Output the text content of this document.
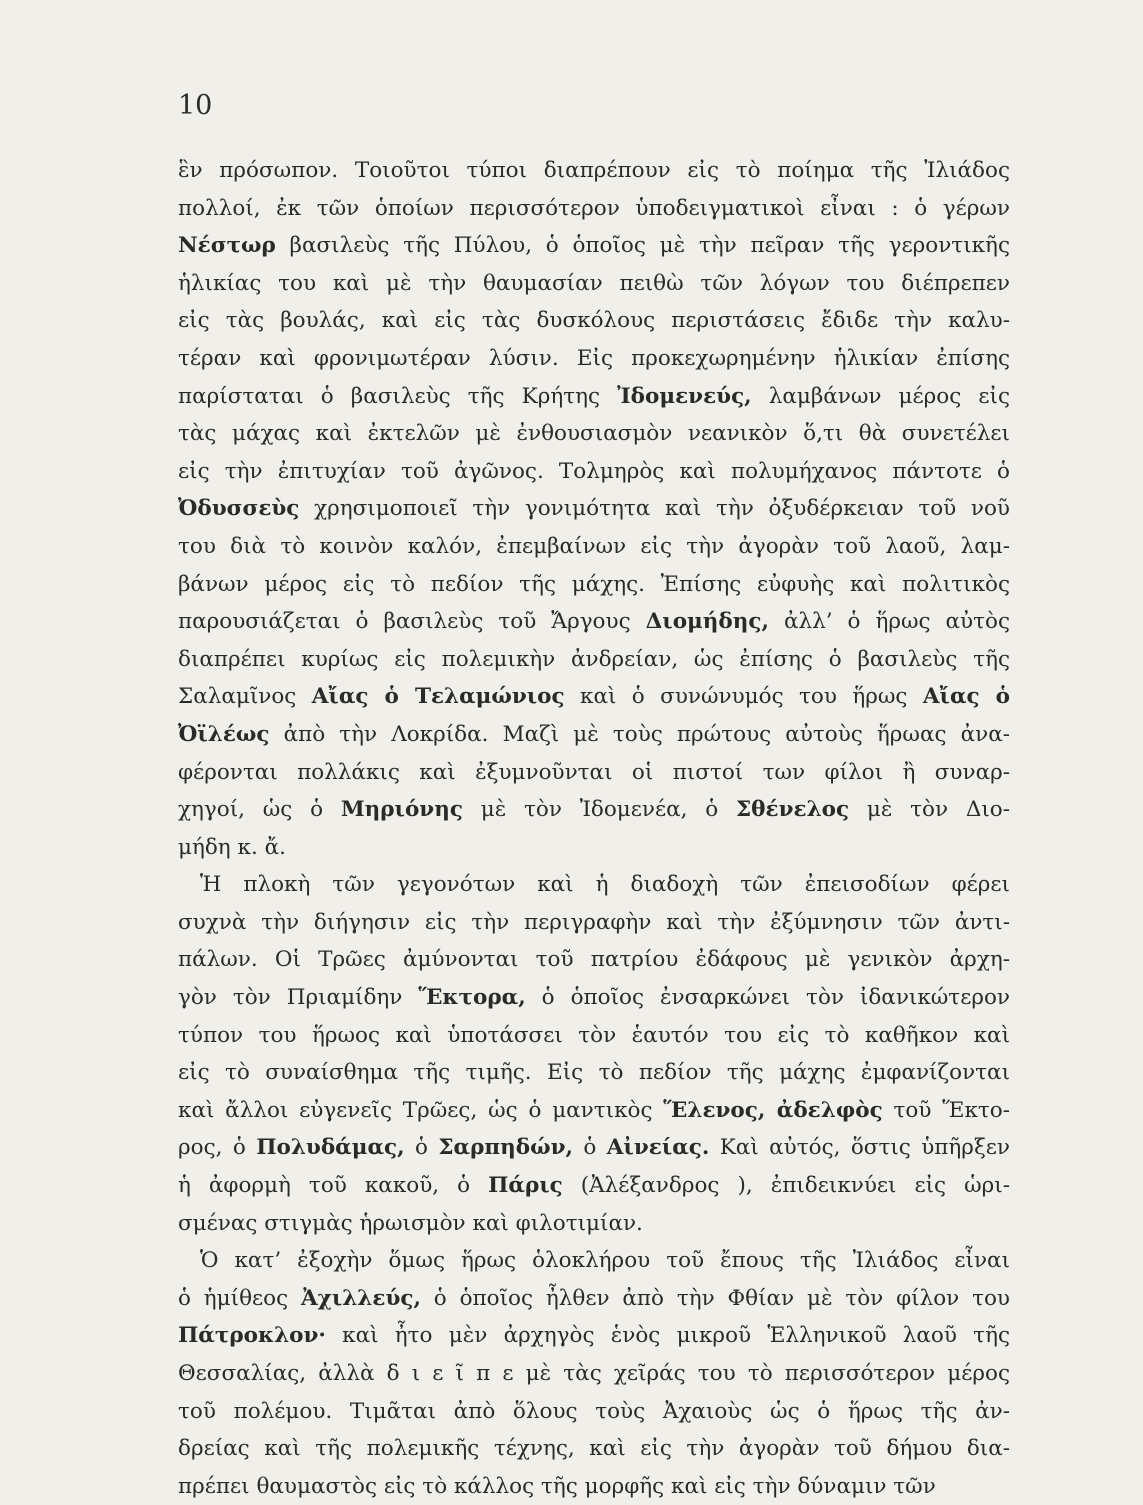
10
ἓν πρόσωπον. Τοιοῦτοι τύποι διαπρέπουν εἰς τὸ ποίημα τῆς Ἰλιάδος
πολλοί, ἐκ τῶν ὁποίων περισσότερον ὑποδειγματικοὶ εἶναι : ὁ γέρων
Νέστωρ βασιλεὺς τῆς Πύλου, ὁ ὁποῖος μὲ τὴν πεῖραν τῆς γεροντικῆς
ἡλικίας του καὶ μὲ τὴν θαυμασίαν πειθὼ τῶν λόγων του διέπρεπεν
εἰς τὰς βουλάς, καὶ εἰς τὰς δυσκόλους περιστάσεις ἔδιδε τὴν καλυ-
τέραν καὶ φρονιμωτέραν λύσιν. Εἰς προκεχωρημένην ἡλικίαν ἐπίσης
παρίσταται ὁ βασιλεὺς τῆς Κρήτης Ἰδομενεύς, λαμβάνων μέρος εἰς
τὰς μάχας καὶ ἐκτελῶν μὲ ἐνθουσιασμὸν νεανικὸν ὅ,τι θὰ συνετέλει
εἰς τὴν ἐπιτυχίαν τοῦ ἀγῶνος. Τολμηρὸς καὶ πολυμήχανος πάντοτε ὁ
Ὀδυσσεὺς χρησιμοποιεῖ τὴν γονιμότητα καὶ τὴν ὀξυδέρκειαν τοῦ νοῦ
του διὰ τὸ κοινὸν καλόν, ἐπεμβαίνων εἰς τὴν ἀγορὰν τοῦ λαοῦ, λαμ-
βάνων μέρος εἰς τὸ πεδίον τῆς μάχης. Ἐπίσης εὐφυὴς καὶ πολιτικὸς
παρουσιάζεται ὁ βασιλεὺς τοῦ Ἄργους Διομήδης, ἀλλ’ ὁ ἥρως αὐτὸς
διαπρέπει κυρίως εἰς πολεμικὴν ἀνδρείαν, ὡς ἐπίσης ὁ βασιλεὺς τῆς
Σαλαμῖνος Αἴας ὁ Τελαμώνιος καὶ ὁ συνώνυμός του ἥρως Αἴας ὁ
Ὀϊλέως ἀπὸ τὴν Λοκρίδα. Μαζὶ μὲ τοὺς πρώτους αὐτοὺς ἥρωας ἀνα-
φέρονται πολλάκις καὶ ἐξυμνοῦνται οἱ πιστοί των φίλοι ἢ συναρ-
χηγοί, ὡς ὁ Μηριόνης μὲ τὸν Ἰδομενέα, ὁ Σθένελος μὲ τὸν Διο-
μήδη κ. ἄ.
Ἡ πλοκὴ τῶν γεγονότων καὶ ἡ διαδοχὴ τῶν ἐπεισοδίων φέρει
συχνὰ τὴν διήγησιν εἰς τὴν περιγραφὴν καὶ τὴν ἐξύμνησιν τῶν ἀντι-
πάλων. Οἱ Τρῶες ἀμύνονται τοῦ πατρίου ἐδάφους μὲ γενικὸν ἀρχη-
γὸν τὸν Πριαμίδην Ἕκτορα, ὁ ὁποῖος ἐνσαρκώνει τὸν ἰδανικώτερον
τύπον του ἥρωος καὶ ὑποτάσσει τὸν ἑαυτόν του εἰς τὸ καθῆκον καὶ
εἰς τὸ συναίσθημα τῆς τιμῆς. Εἰς τὸ πεδίον τῆς μάχης ἐμφανίζονται
καὶ ἄλλοι εὐγενεῖς Τρῶες, ὡς ὁ μαντικὸς Ἕλενος, ἀδελφὸς τοῦ Ἕκτο-
ρος, ὁ Πολυδάμας, ὁ Σαρπηδών, ὁ Αἰνείας. Καὶ αὐτός, ὅστις ὑπῆρξεν
ἡ ἀφορμὴ τοῦ κακοῦ, ὁ Πάρις (Ἀλέξανδρος ), ἐπιδεικνύει εἰς ὡρι-
σμένας στιγμὰς ἡρωισμὸν καὶ φιλοτιμίαν.
Ὁ κατ’ ἐξοχὴν ὅμως ἥρως ὁλοκλήρου τοῦ ἔπους τῆς Ἰλιάδος εἶναι
ὁ ἡμίθεος Ἀχιλλεύς, ὁ ὁποῖος ἦλθεν ἀπὸ τὴν Φθίαν μὲ τὸν φίλον του
Πάτροκλον· καὶ ἦτο μὲν ἀρχηγὸς ἑνὸς μικροῦ Ἑλληνικοῦ λαοῦ τῆς
Θεσσαλίας, ἀλλὰ δ ι ε ῖ π ε μὲ τὰς χεῖράς του τὸ περισσότερον μέρος
τοῦ πολέμου. Τιμᾶται ἀπὸ ὅλους τοὺς Ἀχαιοὺς ὡς ὁ ἥρως τῆς ἀν-
δρείας καὶ τῆς πολεμικῆς τέχνης, καὶ εἰς τὴν ἀγορὰν τοῦ δήμου δια-
πρέπει θαυμαστὸς εἰς τὸ κάλλος τῆς μορφῆς καὶ εἰς τὴν δύναμιν τῶν
